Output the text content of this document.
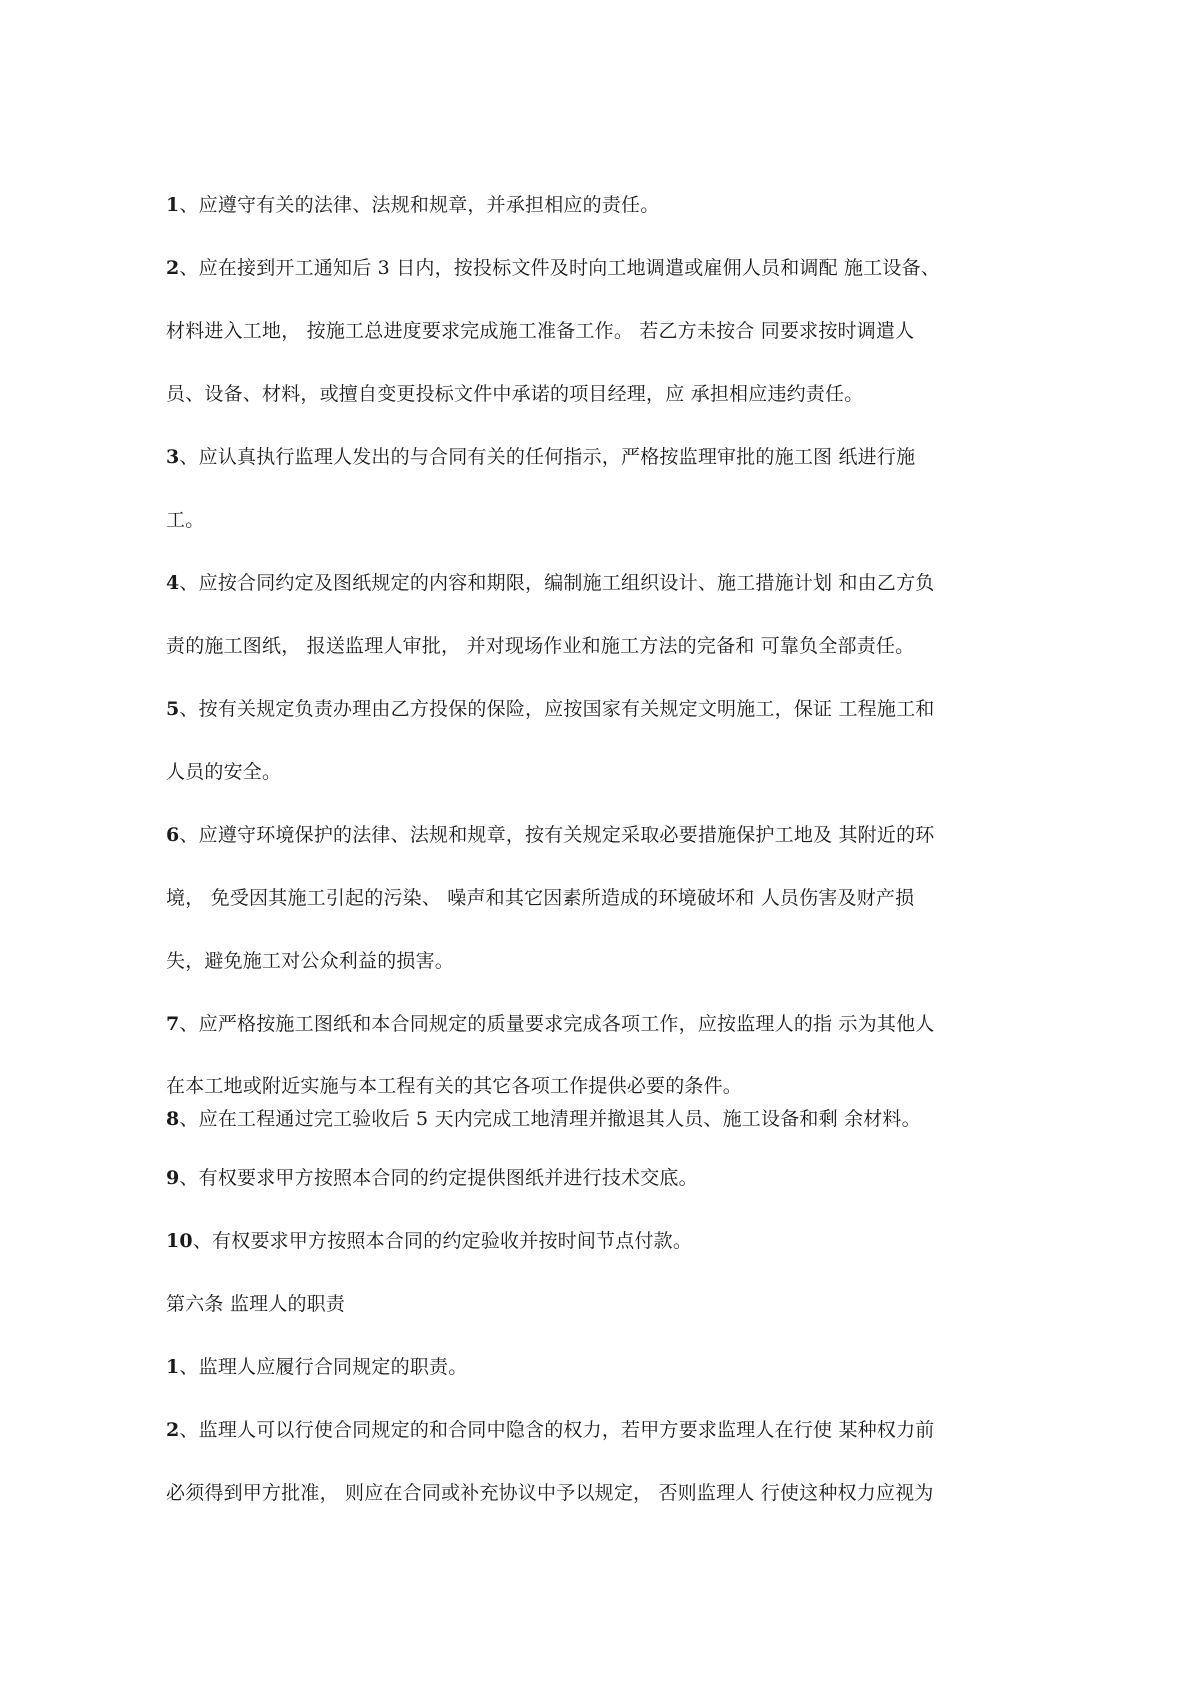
1、应遵守有关的法律、法规和规章，并承担相应的责任。
2、应在接到开工通知后 3 日内，按投标文件及时向工地调遣或雇佣人员和调配 施工设备、
材料进入工地， 按施工总进度要求完成施工准备工作。 若乙方未按合 同要求按时调遣人
员、设备、材料，或擅自变更投标文件中承诺的项目经理，应 承担相应违约责任。
3、应认真执行监理人发出的与合同有关的任何指示，严格按监理审批的施工图 纸进行施
工。
4、应按合同约定及图纸规定的内容和期限，编制施工组织设计、施工措施计划 和由乙方负
责的施工图纸， 报送监理人审批， 并对现场作业和施工方法的完备和 可靠负全部责任。
5、按有关规定负责办理由乙方投保的保险，应按国家有关规定文明施工，保证 工程施工和
人员的安全。
6、应遵守环境保护的法律、法规和规章，按有关规定采取必要措施保护工地及 其附近的环
境， 免受因其施工引起的污染、 噪声和其它因素所造成的环境破坏和 人员伤害及财产损
失，避免施工对公众利益的损害。
7、应严格按施工图纸和本合同规定的质量要求完成各项工作，应按监理人的指 示为其他人
在本工地或附近实施与本工程有关的其它各项工作提供必要的条件。
8、应在工程通过完工验收后 5 天内完成工地清理并撤退其人员、施工设备和剩 余材料。
9、有权要求甲方按照本合同的约定提供图纸并进行技术交底。
10、有权要求甲方按照本合同的约定验收并按时间节点付款。
第六条 监理人的职责
1、监理人应履行合同规定的职责。
2、监理人可以行使合同规定的和合同中隐含的权力，若甲方要求监理人在行使 某种权力前
必须得到甲方批准， 则应在合同或补充协议中予以规定， 否则监理人 行使这种权力应视为
